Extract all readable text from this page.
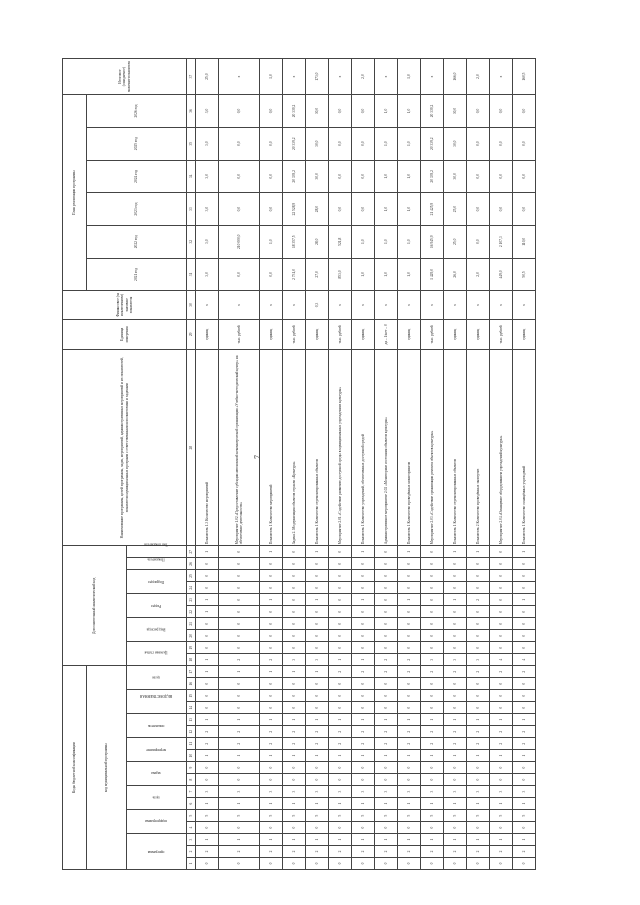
7
Коды бюджетной классификации																	Дополнительный аналитический код										Наименование программы, целей программы, задач, мероприятий, административных мероприятий и их показателей, показатели муниципальных программ с ответственными исполнителями и задачами	Единица измерения	Финансовое (за исключением) значение показателя	План реализации программы						Итоговое (ожидаемое) значение показателя
код муниципальной программы																														2021 год	2022 год	2023 год	2024 год	2025 год	2026 год	
программа			подпрограмма		цель		задача		мероприятие		показатель		ВЕДОМСТВЕННАЯ		цели		Целевая статья		Вид расхода		Раздел		Подраздел		Показатель	Тип показателя										
1	2	3	4	5	6	7	8	9	10	11	12	13	14	15	16	17	18	19	20	21	22	23	24	25	26	27	28	29	30	31	32	33	34	35	36	37
0	2	1	0	5	1	3	0	0	1	2	2	1	0	0	0	1	1	0	0	0	1	1	0	0	0	1	Показатель 1.3 Количество мероприятий	единиц	х	3,0	3,0	3,0	3,0	3,0	3,0	25,0
0	2	1	0	5	1	3	0	0	1	2	2	1	0	0	0	1	2	0	0	0	0	0	0	0	0	0	Мероприятие 1.02 «Предоставление субсидии автономной некоммерческой организации «Учебно-методический центр» на обеспечение деятельности»	тыс. рублей	х	0,0	210 000,0	0,0	0,0	0,0	0,0	х
0	2	1	0	5	1	3	0	0	1	2	2	1	0	0	0	1	2	0	0	0	0	1	0	0	0	1	Показатель 1 Количество мероприятий	единиц	х	0,0	1,0	0,0	0,0	0,0	0,0	1,0
0	2	1	0	5	1	3	0	0	1	2	2	1	0	0	0	1	3	0	0	0	0	0	0	0	0	0	Задача 2. Модернизация объектов отрасли «Культура»	тыс. рублей	х	2 731,0	18 357,5	22 528,9	20 339,2	20 339,2	20 339,2	х
0	2	1	0	5	1	3	0	0	1	2	2	1	0	0	0	1	3	0	0	0	0	1	0	0	0	1	Показатель 1 Количество отремонтированных объектов	единиц	0,3	27,0	28,0	28,0	30,0	30,0	30,0	173,0
0	2	1	0	5	1	3	0	0	1	2	2	1	0	0	0	2	1	0	0	0	0	0	0	0	0	0	Мероприятие 2.01 «Содействие развитию доступной среды в муниципальных учреждениях культуры»	тыс. рублей	х	853,0	521,8	0,0	0,0	0,0	0,0	х
0	2	1	0	5	1	3	0	0	1	2	2	1	0	0	0	2	1	0	0	0	0	1	0	0	0	1	Показатель 1 Количество учреждений, обеспеченных доступной средой	единиц	х	1,0	1,0	0,0	0,0	0,0	0,0	2,0
0	2	1	0	5	1	3	0	0	1	2	2	1	0	0	0	2	2	0	0	0	0	0	0	0	0	0	Административное мероприятие 2.02 «Мониторинг состояния объектов культуры»	да – 1/нет – 0	х	1,0	1,0	1,0	1,0	1,0	1,0	х
0	2	1	0	5	1	3	0	0	1	2	2	1	0	0	0	2	2	0	0	0	0	1	0	0	0	1	Показатель 1 Количество проведённых мониторингов	единиц	х	1,0	1,0	1,0	1,0	1,0	1,0	1,0
0	2	1	0	5	1	3	0	0	1	2	2	1	0	0	0	2	3	0	0	0	0	0	0	0	0	0	Мероприятие 2.03 «Содействие организации ремонта объектов культуры»	тыс. рублей	х	1 429,0	16 945,9	21 425,9	20 339,2	20 339,2	20 339,2	х
0	2	1	0	5	1	3	0	0	1	2	2	1	0	0	0	2	3	0	0	0	0	1	0	0	0	1	Показатель 1 Количество отремонтированных объектов	единиц	х	26,0	25,0	25,0	30,0	30,0	30,0	166,0
0	2	1	0	5	1	3	0	0	1	2	2	1	0	0	0	2	3	0	0	0	0	2	0	0	0	1	Показатель 2 Количество проведённых экспертиз	единиц	х	2,0	0,0	0,0	0,0	0,0	0,0	2,0
0	2	1	0	5	1	3	0	0	1	2	2	1	0	0	0	2	4	0	0	0	0	0	0	0	0	0	Мероприятие 2.04 «Оснащение оборудованием учреждений культуры»	тыс. рублей	х	449,0	2 107,3	0,0	0,0	0,0	0,0	х
0	2	1	0	5	1	3	0	0	1	2	2	1	0	0	0	2	4	0	0	0	0	1	0	0	0	1	Показатель 1 Количество оснащённых учреждений	единиц	х	50,5	110,0	0,0	0,0	0,0	0,0	160,5
